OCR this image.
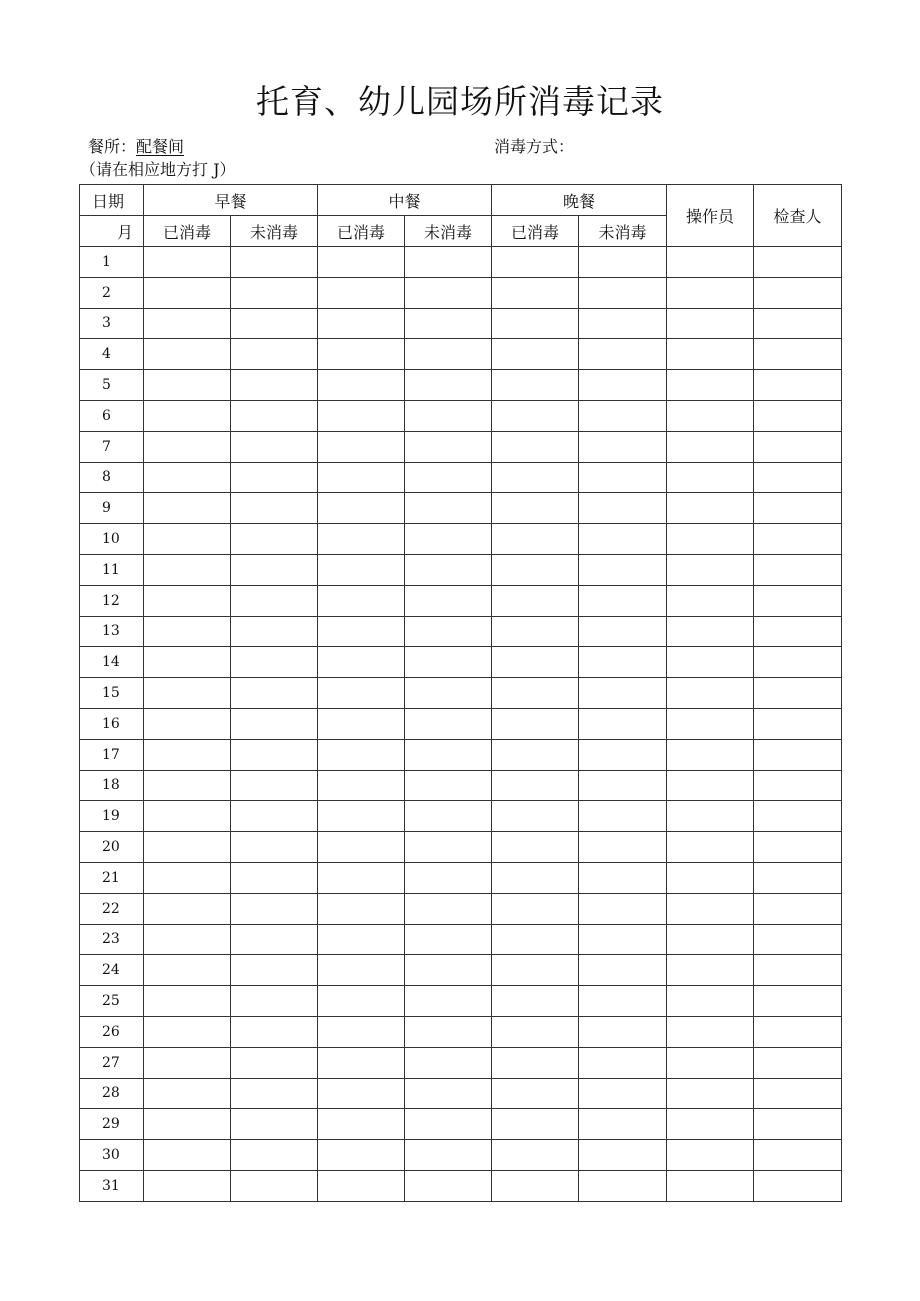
托育、幼儿园场所消毒记录
餐所：配餐间	消毒方式：
（请在相应地方打 J）
日期	早餐		中餐		晚餐		操作员	检查人
月	已消毒	未消毒	已消毒	未消毒	已消毒	未消毒		
1								
2								
3								
4								
5								
6								
7								
8								
9								
10								
11								
12								
13								
14								
15								
16								
17								
18								
19								
20								
21								
22								
23								
24								
25								
26								
27								
28								
29								
30								
31								
